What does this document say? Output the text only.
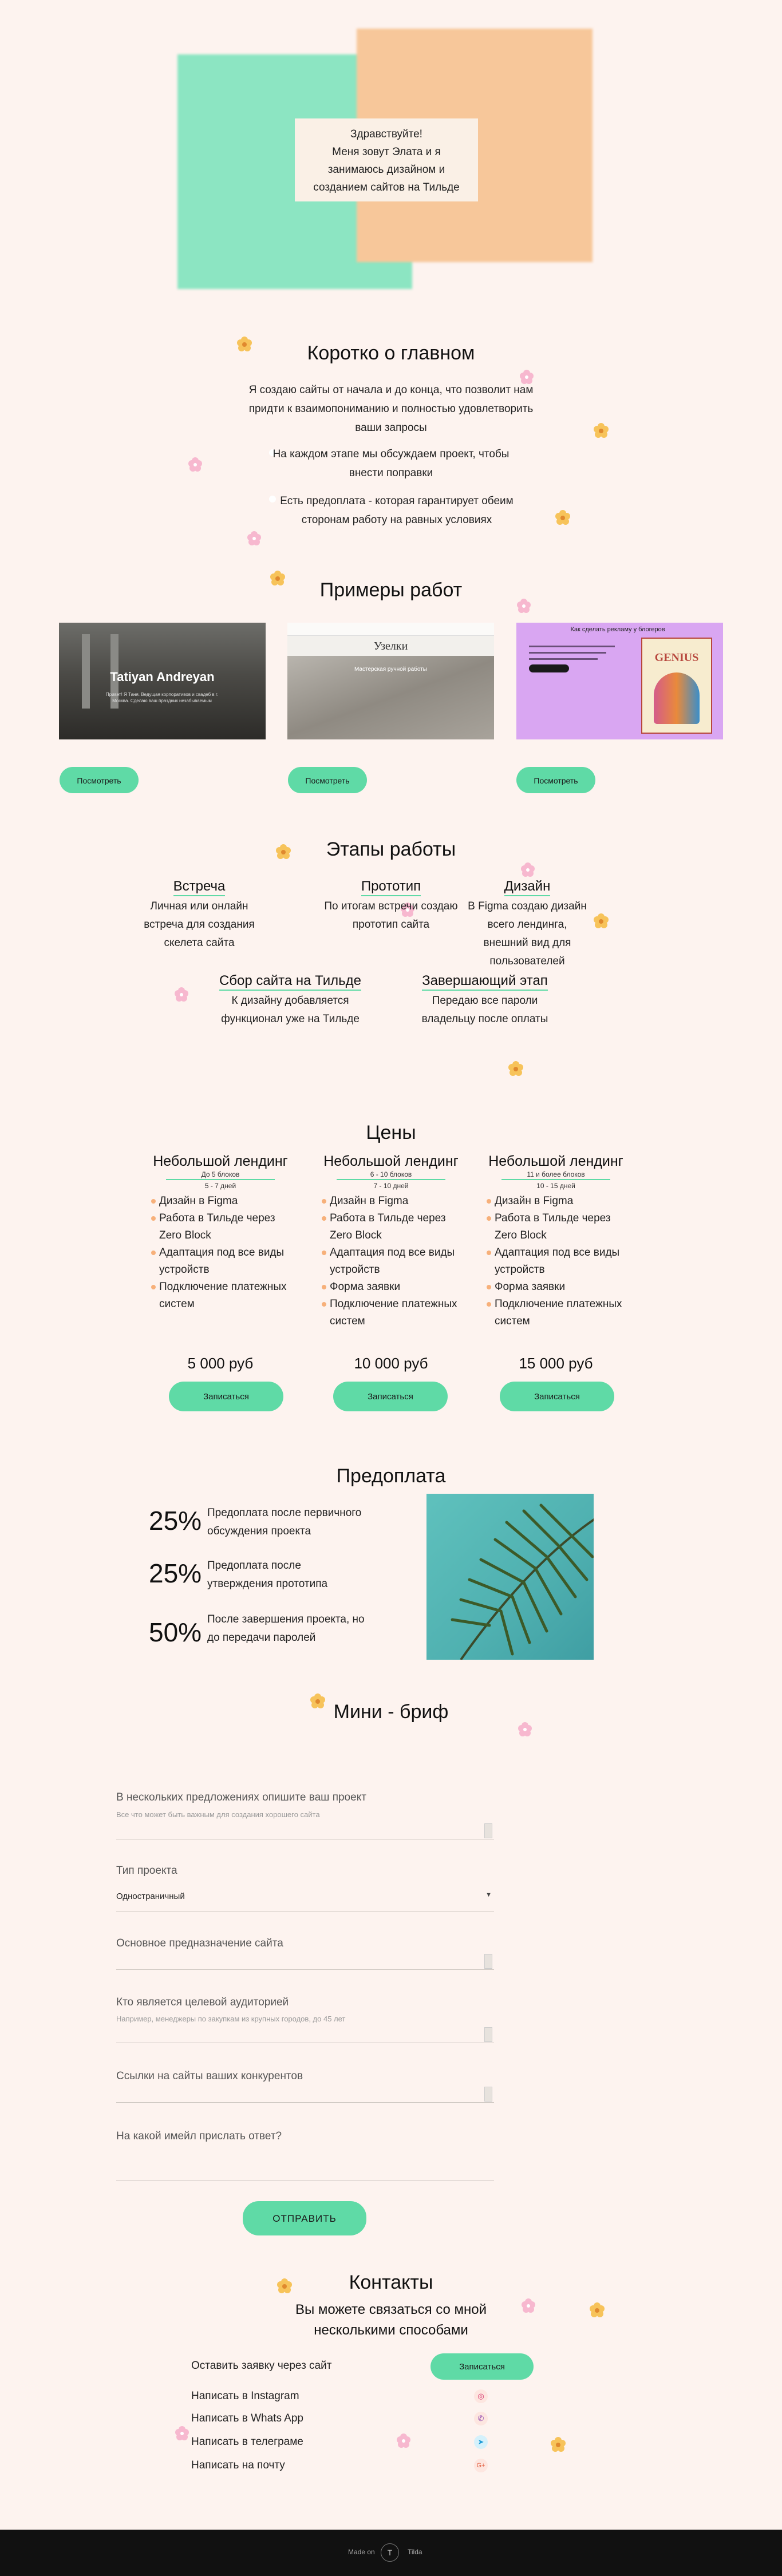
Здравствуйте!
Меня зовут Элата и я занимаюсь дизайном и созданием сайтов на Тильде
Коротко о главном
Я создаю сайты от начала и до конца, что позволит нам придти к взаимопониманию и полностью удовлетворить ваши запросы
На каждом этапе мы обсуждаем проект, чтобы внести поправки
Есть предоплата - которая гарантирует обеим сторонам работу на равных условиях
Примеры работ
Tatiyan Andreyan
Привет! Я Таня. Ведущая корпоративов и свадеб в г. Москва. Сделаю ваш праздник незабываемым
Узелки
Мастерская ручной работы
Как сделать рекламу у блогеров
GENIUS
Посмотреть	Посмотреть	Посмотреть
Этапы работы
Встреча
Личная или онлайн встреча для создания скелета сайта
Прототип
По итогам встречи создаю прототип сайта
Дизайн
В Figma создаю дизайн всего лендинга, внешний вид для пользователей
Сбор сайта на Тильде
К дизайну добавляется функционал уже на Тильде
Завершающий этап
Передаю все пароли владельцу после оплаты
Цены
Небольшой лендинг
До 5 блоков
5 - 7 дней
Дизайн в Figma
Работа в Тильде через Zero Block
Адаптация под все виды устройств
Подключение платежных систем
Небольшой лендинг
6 - 10 блоков
7 - 10 дней
Дизайн в Figma
Работа в Тильде через Zero Block
Адаптация под все виды устройств
Форма заявки
Подключение платежных систем
Небольшой лендинг
11 и более блоков
10 - 15 дней
Дизайн в Figma
Работа в Тильде через Zero Block
Адаптация под все виды устройств
Форма заявки
Подключение платежных систем
5 000 руб	10 000 руб	15 000 руб
Записаться	Записаться	Записаться
Предоплата
25% Предоплата после первичного обсуждения проекта
25% Предоплата после утверждения прототипа
50% После завершения проекта, но до передачи паролей
Мини - бриф
В нескольких предложениях опишите ваш проект
Все что может быть важным для создания хорошего сайта
Тип проекта
Одностраничный	▼
Основное предназначение сайта
Кто является целевой аудиторией
Например, менеджеры по закупкам из крупных городов, до 45 лет
Ссылки на сайты ваших конкурентов
На какой имейл прислать ответ?
ОТПРАВИТЬ
Контакты
Вы можете связаться со мной несколькими способами
Оставить заявку через сайт	Записаться
Написать в Instagram	◎
Написать в Whats App	✆
Написать в телеграме	➤
Написать на почту	G+
Made on	T	Tilda
